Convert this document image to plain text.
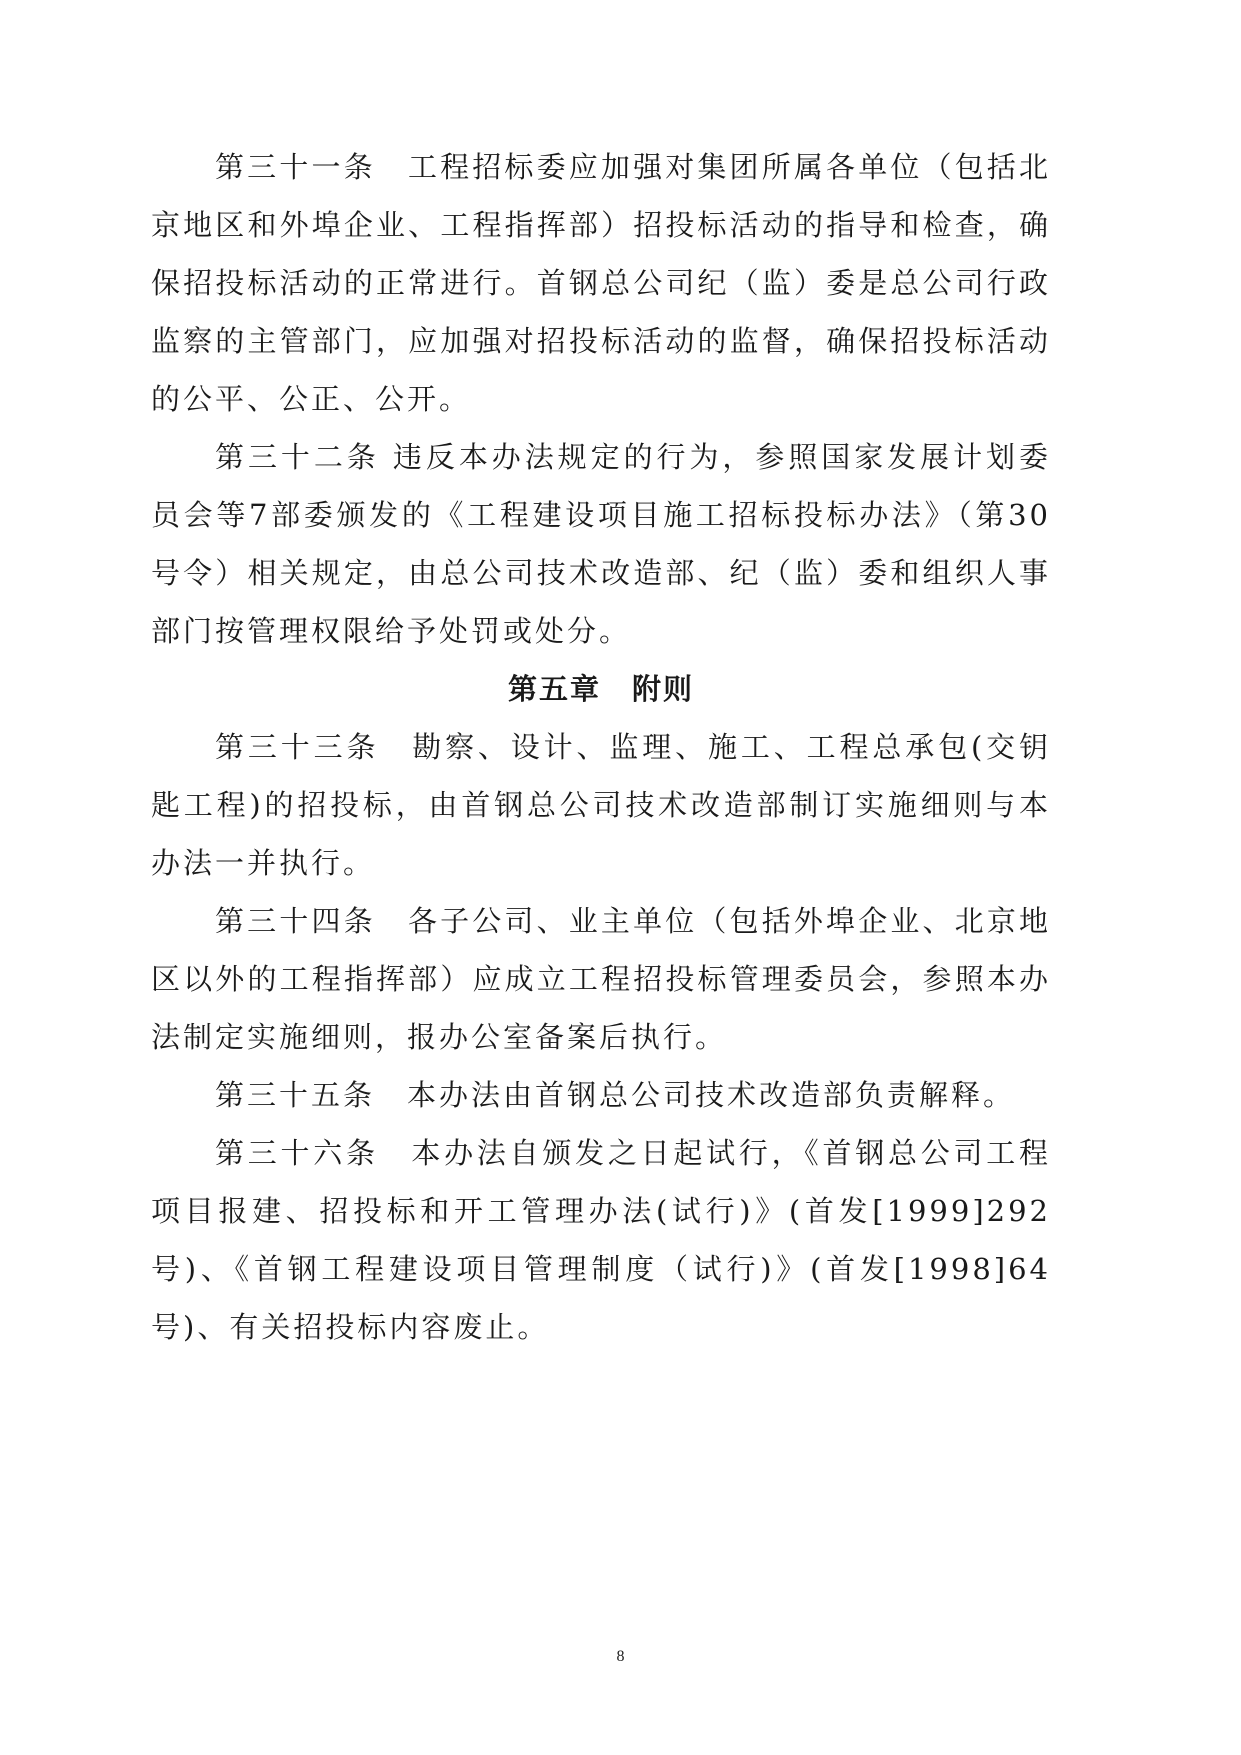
第三十一条　工程招标委应加强对集团所属各单位（包括北京地区和外埠企业、工程指挥部）招投标活动的指导和检查，确保招投标活动的正常进行。首钢总公司纪（监）委是总公司行政监察的主管部门，应加强对招投标活动的监督，确保招投标活动的公平、公正、公开。

第三十二条 违反本办法规定的行为，参照国家发展计划委员会等7部委颁发的《工程建设项目施工招标投标办法》（第30号令）相关规定，由总公司技术改造部、纪（监）委和组织人事部门按管理权限给予处罚或处分。

第五章　附则

第三十三条　勘察、设计、监理、施工、工程总承包(交钥匙工程)的招投标，由首钢总公司技术改造部制订实施细则与本办法一并执行。

第三十四条　各子公司、业主单位（包括外埠企业、北京地区以外的工程指挥部）应成立工程招投标管理委员会，参照本办法制定实施细则，报办公室备案后执行。

第三十五条　本办法由首钢总公司技术改造部负责解释。

第三十六条　本办法自颁发之日起试行，《首钢总公司工程项目报建、招投标和开工管理办法(试行)》(首发[1999]292号)、《首钢工程建设项目管理制度（试行)》(首发[1998]64号)、有关招投标内容废止。

8
